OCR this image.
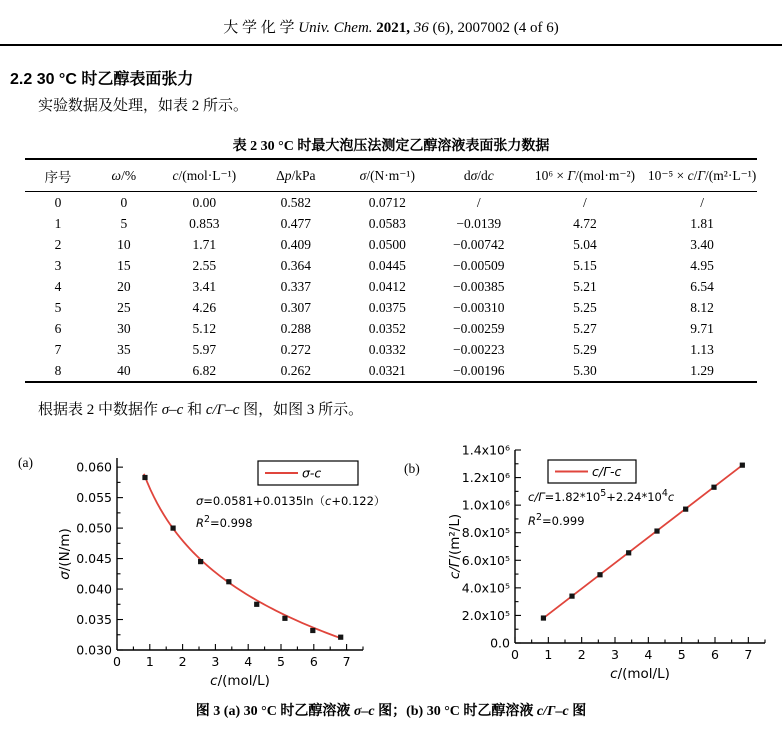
大 学 化 学 Univ. Chem. 2021, 36 (6), 2007002 (4 of 6)
2.2 30 °C 时乙醇表面张力

实验数据及处理，如表 2 所示。

表 2 30 °C 时最大泡压法测定乙醇溶液表面张力数据
序号	ω/%	c/(mol·L⁻¹)	Δp/kPa	σ/(N·m⁻¹)	dσ/dc	10⁶ × Γ/(mol·m⁻²)	10⁻⁵ × c/Γ/(m²·L⁻¹)
0	0	0.00	0.582	0.0712	/	/	/
1	5	0.853	0.477	0.0583	−0.0139	4.72	1.81
2	10	1.71	0.409	0.0500	−0.00742	5.04	3.40
3	15	2.55	0.364	0.0445	−0.00509	5.15	4.95
4	20	3.41	0.337	0.0412	−0.00385	5.21	6.54
5	25	4.26	0.307	0.0375	−0.00310	5.25	8.12
6	30	5.12	0.288	0.0352	−0.00259	5.27	9.71
7	35	5.97	0.272	0.0332	−0.00223	5.29	1.13
8	40	6.82	0.262	0.0321	−0.00196	5.30	1.29

根据表 2 中数据作 σ–c 和 c/Γ–c 图，如图 3 所示。

0 1 2 3 4 5 6 7
0.030
0.035
0.040
0.045
0.050
0.055
0.060
c/(mol/L)
σ/(N/m)
σ-c
σ=0.0581+0.0135ln（c+0.122）
$R^2=0.998$
(a)
0 1 2 3 4 5 6 7
0.0
2.0x10⁵
4.0x10⁵
6.0x10⁵
8.0x10⁵
1.0x10⁶
1.2x10⁶
1.4x10⁶
c/(mol/L)
c/Γ/(m²/L)
c/Γ-c
$c/\Gamma=1.82*10^5+2.24*10^4c$
$R^2=0.999$
(b)
图 3 (a) 30 °C 时乙醇溶液 σ–c 图；(b) 30 °C 时乙醇溶液 c/Γ–c 图
